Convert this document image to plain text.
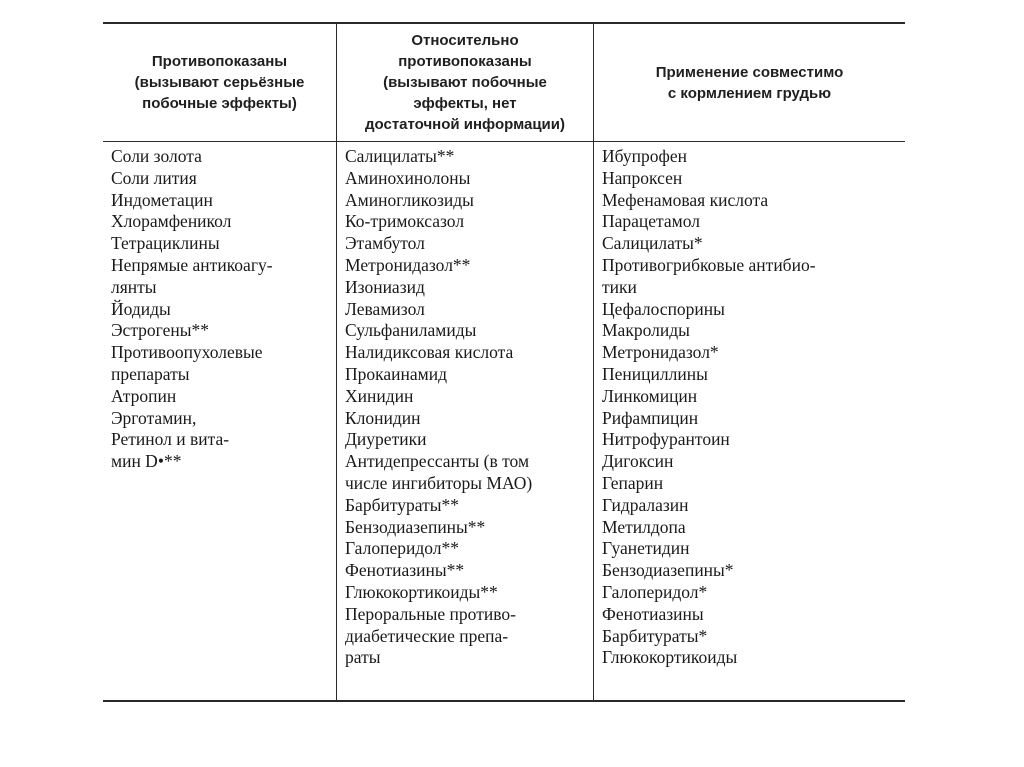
Противопоказаны
(вызывают серьёзные
побочные эффекты)
Относительно
противопоказаны
(вызывают побочные
эффекты, нет
достаточной информации)
Применение совместимо
с кормлением грудью
Соли золота
Соли лития
Индометацин
Хлорамфеникол
Тетрациклины
Непрямые антикоагу-
лянты
Йодиды
Эстрогены**
Противоопухолевые
препараты
Атропин
Эрготамин,
Ретинол и вита-
мин D•**
Салицилаты**
Аминохинолоны
Аминогликозиды
Ко-тримоксазол
Этамбутол
Метронидазол**
Изониазид
Левамизол
Сульфаниламиды
Налидиксовая кислота
Прокаинамид
Хинидин
Клонидин
Диуретики
Антидепрессанты (в том
числе ингибиторы МАО)
Барбитураты**
Бензодиазепины**
Галоперидол**
Фенотиазины**
Глюкокортикоиды**
Пероральные противо-
диабетические препа-
раты
Ибупрофен
Напроксен
Мефенамовая кислота
Парацетамол
Салицилаты*
Противогрибковые антибио-
тики
Цефалоспорины
Макролиды
Метронидазол*
Пенициллины
Линкомицин
Рифампицин
Нитрофурантоин
Дигоксин
Гепарин
Гидралазин
Метилдопа
Гуанетидин
Бензодиазепины*
Галоперидол*
Фенотиазины
Барбитураты*
Глюкокортикоиды
